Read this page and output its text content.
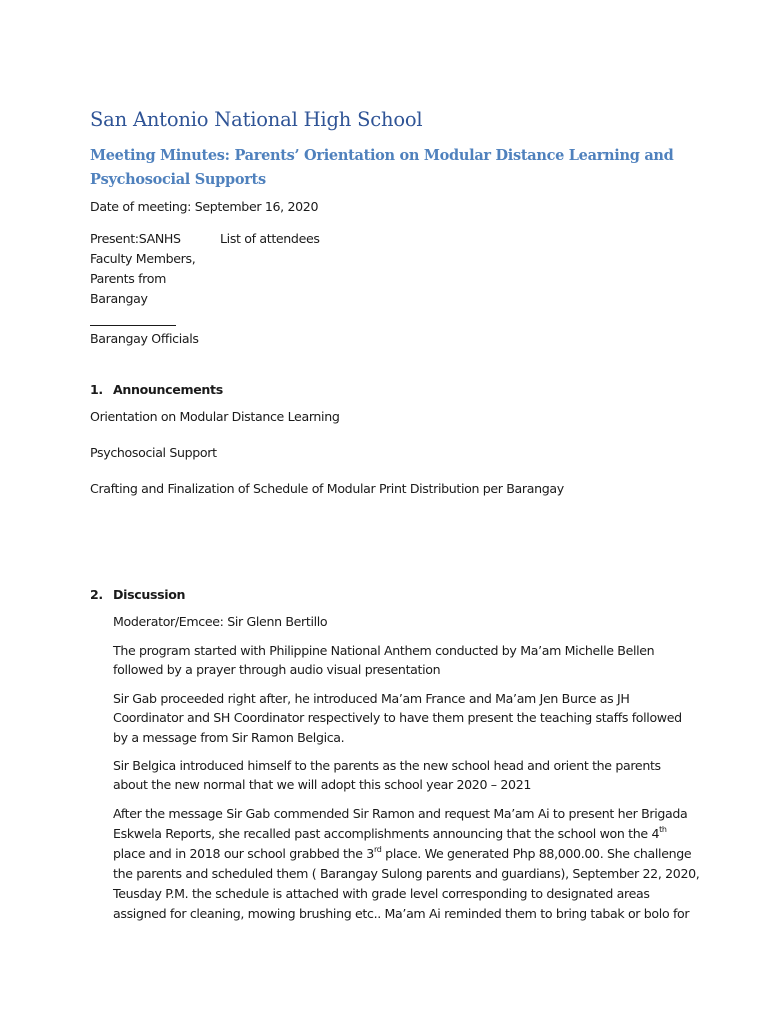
San Antonio National High School
Meeting Minutes: Parents’ Orientation on Modular Distance Learning and
Psychosocial Supports
Date of meeting: September 16, 2020
Present:SANHS	List of attendees
Faculty Members,
Parents from
Barangay
Barangay Officials
1. Announcements
Orientation on Modular Distance Learning
Psychosocial Support
Crafting and Finalization of Schedule of Modular Print Distribution per Barangay
2. Discussion
Moderator/Emcee: Sir Glenn Bertillo
The program started with Philippine National Anthem conducted by Ma’am Michelle Bellen
followed by a prayer through audio visual presentation
Sir Gab proceeded right after, he introduced Ma’am France and Ma’am Jen Burce as JH
Coordinator and SH Coordinator respectively to have them present the teaching staffs followed
by a message from Sir Ramon Belgica.
Sir Belgica introduced himself to the parents as the new school head and orient the parents
about the new normal that we will adopt this school year 2020 – 2021
After the message Sir Gab commended Sir Ramon and request Ma’am Ai to present her Brigada
Eskwela Reports, she recalled past accomplishments announcing that the school won the 4th
place and in 2018 our school grabbed the 3rd place. We generated Php 88,000.00. She challenge
the parents and scheduled them ( Barangay Sulong parents and guardians), September 22, 2020,
Teusday P.M. the schedule is attached with grade level corresponding to designated areas
assigned for cleaning, mowing brushing etc.. Ma’am Ai reminded them to bring tabak or bolo for
